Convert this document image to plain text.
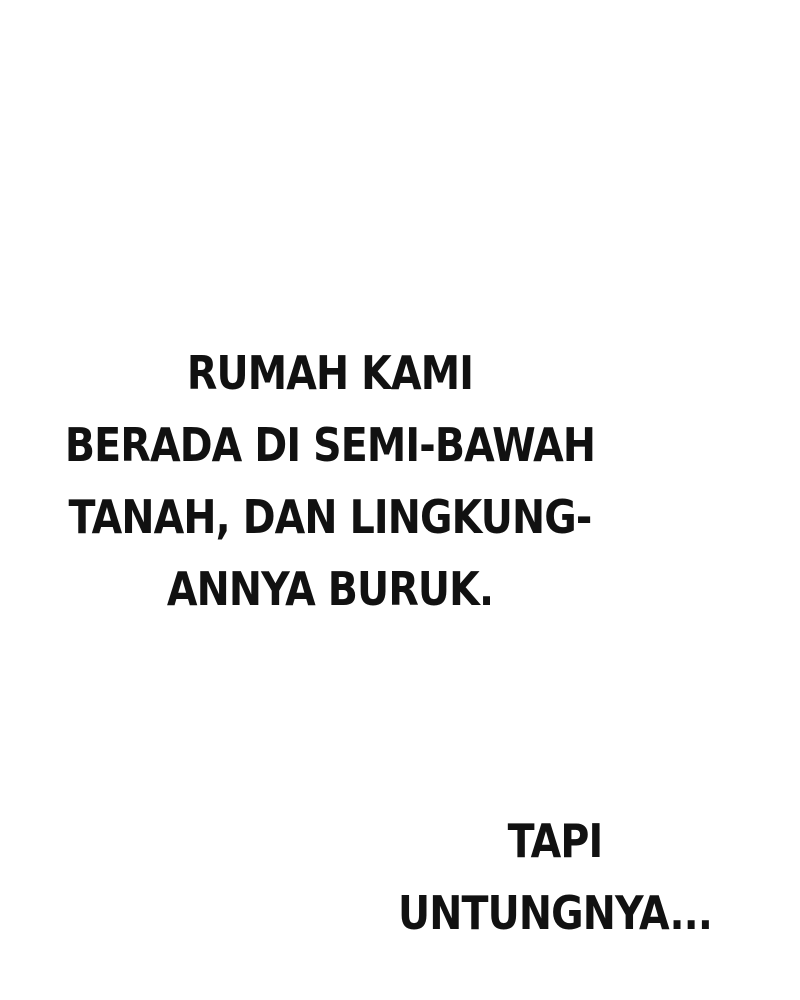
RUMAH KAMI
BERADA DI SEMI-BAWAH
TANAH, DAN LINGKUNG-
ANNYA BURUK.
TAPI
UNTUNGNYA...
